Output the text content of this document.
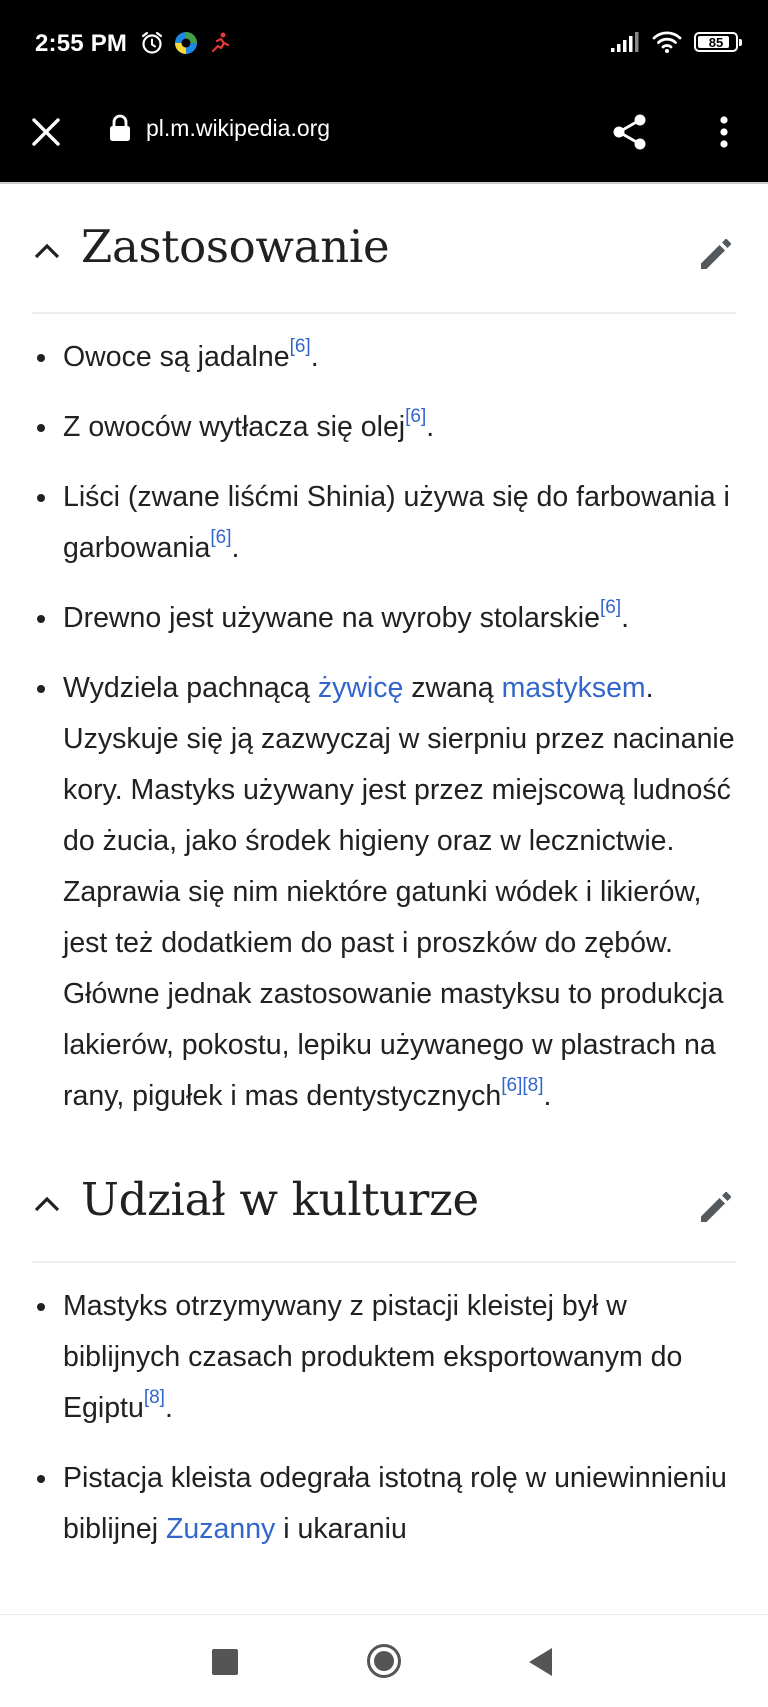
2:55 PM	85
pl.m.wikipedia.org
Zastosowanie
Owoce są jadalne[6].
Z owoców wytłacza się olej[6].
Liści (zwane liśćmi Shinia) używa się do farbowania i garbowania[6].
Drewno jest używane na wyroby stolarskie[6].
Wydziela pachnącą żywicę zwaną mastyksem. Uzyskuje się ją zazwyczaj w sierpniu przez nacinanie kory. Mastyks używany jest przez miejscową ludność do żucia, jako środek higieny oraz w lecznictwie. Zaprawia się nim niektóre gatunki wódek i likierów, jest też dodatkiem do past i proszków do zębów. Główne jednak zastosowanie mastyksu to produkcja lakierów, pokostu, lepiku używanego w plastrach na rany, pigułek i mas dentystycznych[6][8].
Udział w kulturze
Mastyks otrzymywany z pistacji kleistej był w biblijnych czasach produktem eksportowanym do Egiptu[8].
Pistacja kleista odegrała istotną rolę w uniewinnieniu biblijnej Zuzanny i ukaraniu
